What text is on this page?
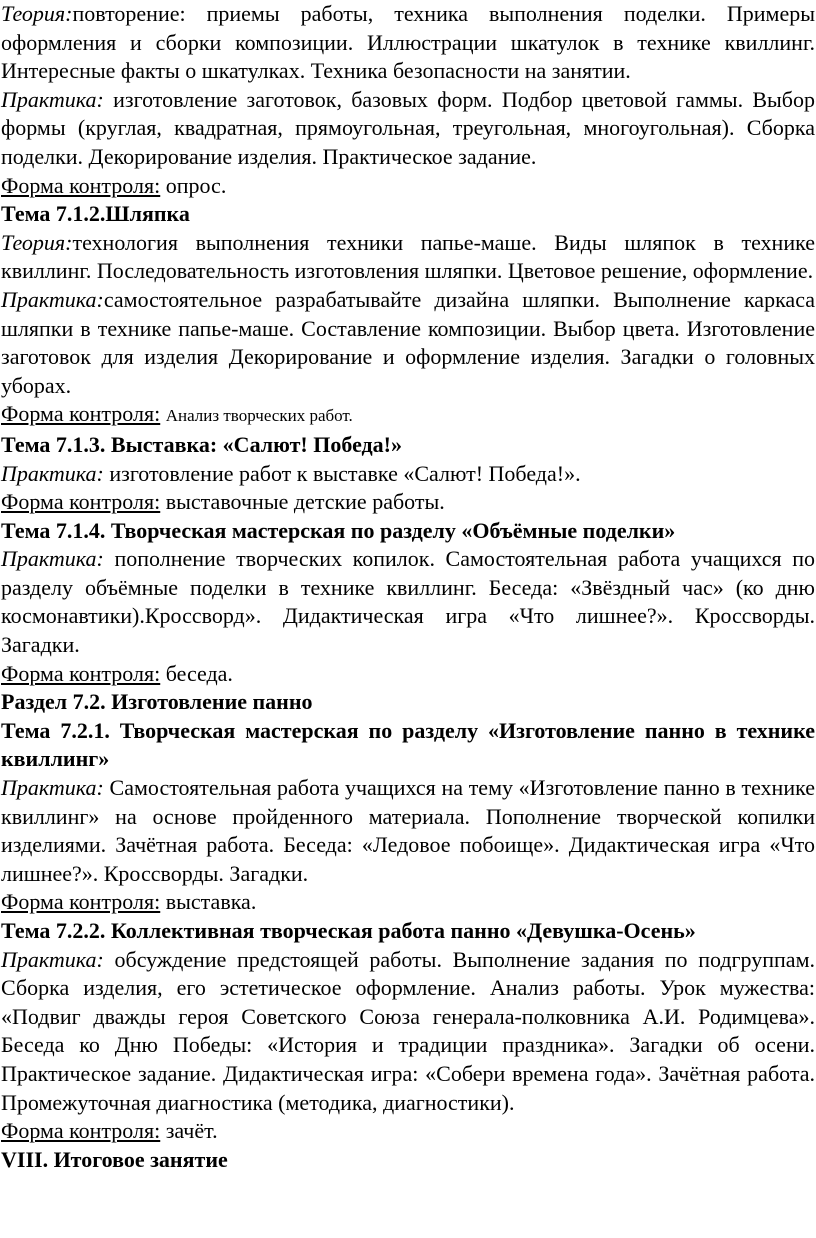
Теория:повторение: приемы работы, техника выполнения поделки. Примеры оформления и сборки композиции. Иллюстрации шкатулок в технике квиллинг. Интересные факты о шкатулках. Техника безопасности на занятии.

Практика: изготовление заготовок, базовых форм. Подбор цветовой гаммы. Выбор формы (круглая, квадратная, прямоугольная, треугольная, многоугольная). Сборка поделки. Декорирование изделия. Практическое задание.

Форма контроля: опрос.

Тема 7.1.2.Шляпка

Теория:технология выполнения техники папье-маше. Виды шляпок в технике квиллинг. Последовательность изготовления шляпки. Цветовое решение, оформление.

Практика:самостоятельное разрабатывайте дизайна шляпки. Выполнение каркаса шляпки в технике папье-маше. Составление композиции. Выбор цвета. Изготовление заготовок для изделия Декорирование и оформление изделия. Загадки о головных уборах.

Форма контроля: Анализ творческих работ.

Тема 7.1.3. Выставка: «Салют! Победа!»

Практика: изготовление работ к выставке «Салют! Победа!».

Форма контроля: выставочные детские работы.

Тема 7.1.4. Творческая мастерская по разделу «Объёмные поделки»

Практика: пополнение творческих копилок. Самостоятельная работа учащихся по разделу объёмные поделки в технике квиллинг. Беседа: «Звёздный час» (ко дню космонавтики).Кроссворд». Дидактическая игра «Что лишнее?». Кроссворды. Загадки.

Форма контроля: беседа.

Раздел 7.2. Изготовление панно

Тема 7.2.1. Творческая мастерская по разделу «Изготовление панно в технике квиллинг»

Практика: Самостоятельная работа учащихся на тему «Изготовление панно в технике квиллинг» на основе пройденного материала. Пополнение творческой копилки изделиями. Зачётная работа. Беседа: «Ледовое побоище». Дидактическая игра «Что лишнее?». Кроссворды. Загадки.

Форма контроля: выставка.

Тема 7.2.2. Коллективная творческая работа панно «Девушка-Осень»

Практика: обсуждение предстоящей работы. Выполнение задания по подгруппам. Сборка изделия, его эстетическое оформление. Анализ работы. Урок мужества: «Подвиг дважды героя Советского Союза генерала-полковника А.И. Родимцева». Беседа ко Дню Победы: «История и традиции праздника». Загадки об осени. Практическое задание. Дидактическая игра: «Собери времена года». Зачётная работа. Промежуточная диагностика (методика, диагностики).

Форма контроля: зачёт.

VIII. Итоговое занятие
